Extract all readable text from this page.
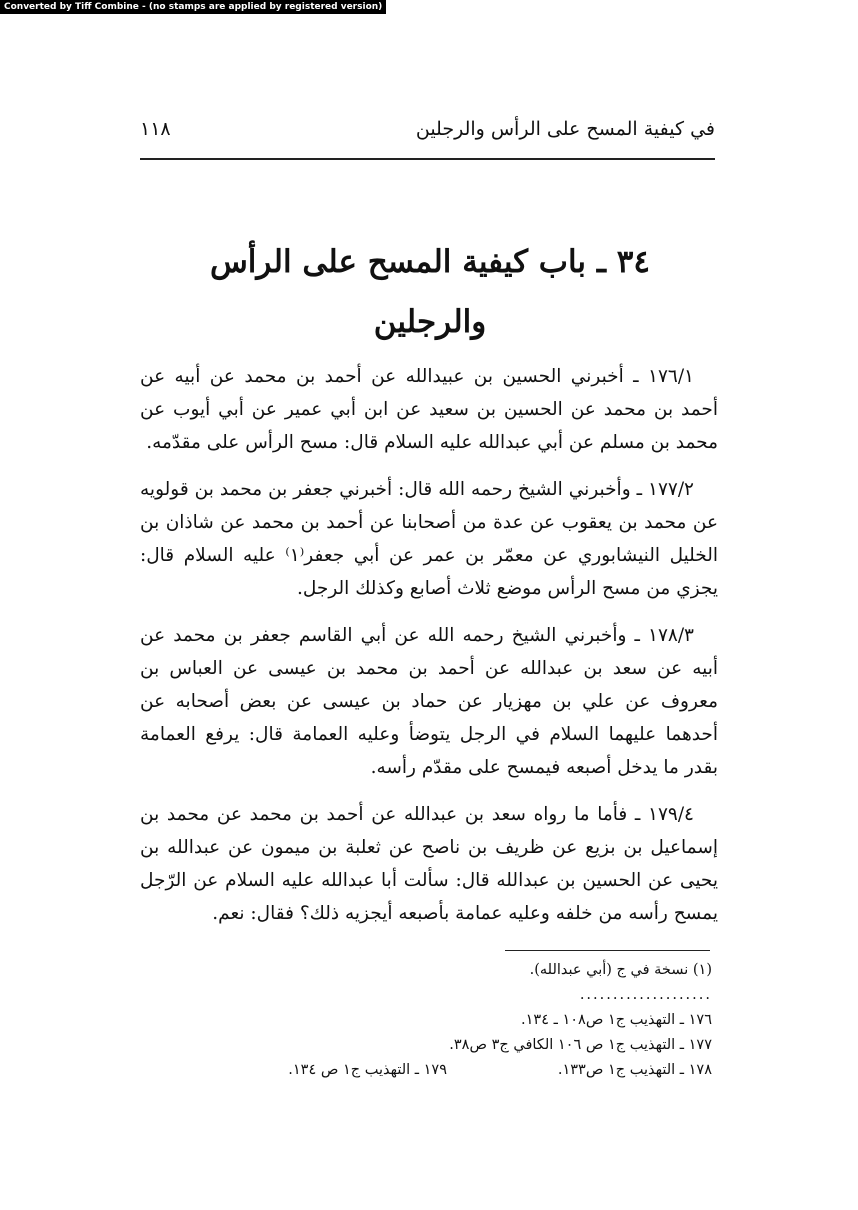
Converted by Tiff Combine - (no stamps are applied by registered version)
في كيفية المسح على الرأس والرجلين
١١٨
٣٤ ـ باب كيفية المسح على الرأس والرجلين

١٧٦/١ ـ أخبرني الحسين بن عبيدالله عن أحمد بن محمد عن أبيه عن أحمد بن محمد عن الحسين بن سعيد عن ابن أبي عمير عن أبي أيوب عن محمد بن مسلم عن أبي عبدالله عليه السلام قال: مسح الرأس على مقدّمه.

١٧٧/٢ ـ وأخبرني الشيخ رحمه الله قال: أخبرني جعفر بن محمد بن قولويه عن محمد بن يعقوب عن عدة من أصحابنا عن أحمد بن محمد عن شاذان بن الخليل النيشابوري عن معمّر بن عمر عن أبي جعفر⁽١⁾ عليه السلام قال: يجزي من مسح الرأس موضع ثلاث أصابع وكذلك الرجل.

١٧٨/٣ ـ وأخبرني الشيخ رحمه الله عن أبي القاسم جعفر بن محمد عن أبيه عن سعد بن عبدالله عن أحمد بن محمد بن عيسى عن العباس بن معروف عن علي بن مهزيار عن حماد بن عيسى عن بعض أصحابه عن أحدهما عليهما السلام في الرجل يتوضأ وعليه العمامة قال: يرفع العمامة بقدر ما يدخل أصبعه فيمسح على مقدّم رأسه.

١٧٩/٤ ـ فأما ما رواه سعد بن عبدالله عن أحمد بن محمد عن محمد بن إسماعيل بن بزيع عن ظريف بن ناصح عن ثعلبة بن ميمون عن عبدالله بن يحيى عن الحسين بن عبدالله قال: سألت أبا عبدالله عليه السلام عن الرّجل يمسح رأسه من خلفه وعليه عمامة بأصبعه أيجزيه ذلك؟ فقال: نعم.

(١) نسخة في ج (أبي عبدالله).
....................
١٧٦ ـ التهذيب ج١ ص١٠٨ ـ ١٣٤.
١٧٧ ـ التهذيب ج١ ص ١٠٦ الكافي ج٣ ص٣٨.
١٧٨ ـ التهذيب ج١ ص١٣٣.
١٧٩ ـ التهذيب ج١ ص ١٣٤.
